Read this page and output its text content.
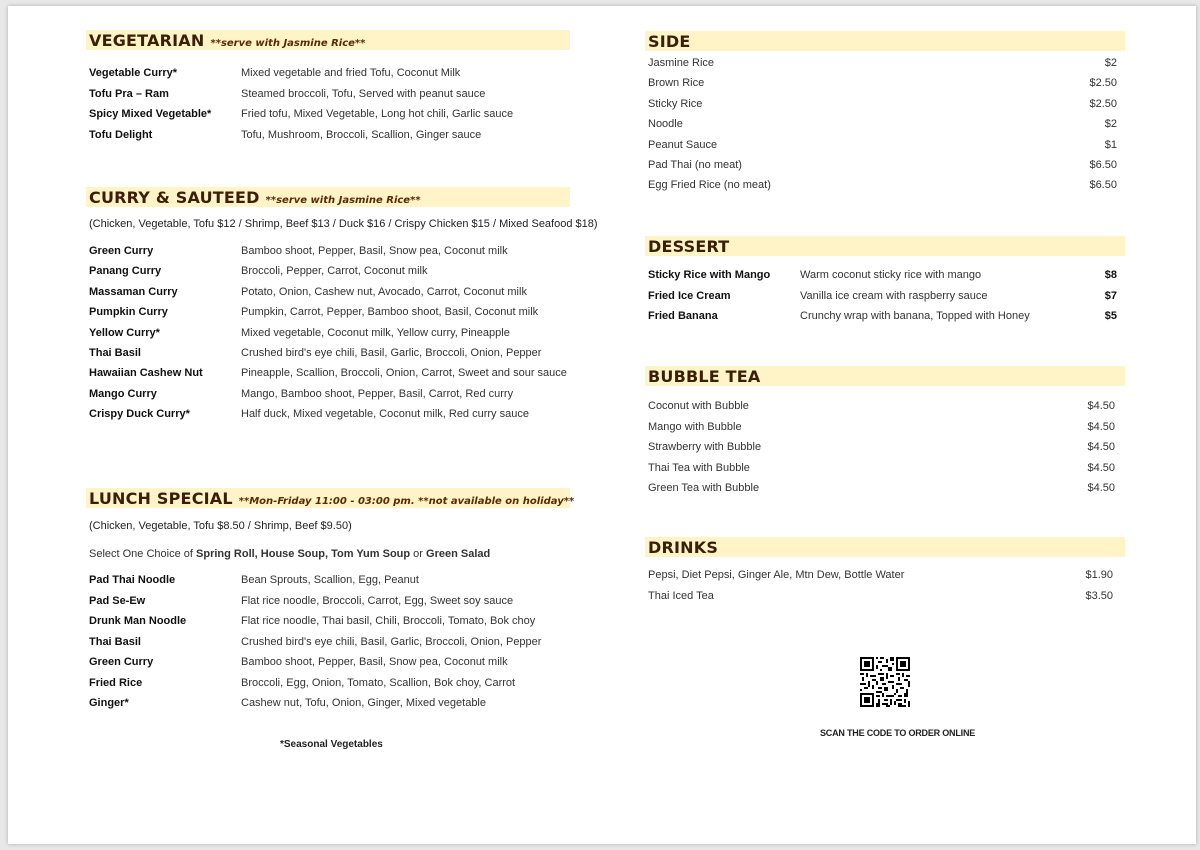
VEGETARIAN **serve with Jasmine Rice**
Vegetable Curry*	Mixed vegetable and fried Tofu, Coconut Milk
Tofu Pra – Ram	Steamed broccoli, Tofu, Served with peanut sauce
Spicy Mixed Vegetable*	Fried tofu, Mixed Vegetable, Long hot chili, Garlic sauce
Tofu Delight	Tofu, Mushroom, Broccoli, Scallion, Ginger sauce
CURRY & SAUTEED **serve with Jasmine Rice**
(Chicken, Vegetable, Tofu $12 / Shrimp, Beef $13 / Duck $16 / Crispy Chicken $15 / Mixed Seafood $18)
Green Curry	Bamboo shoot, Pepper, Basil, Snow pea, Coconut milk
Panang Curry	Broccoli, Pepper, Carrot, Coconut milk
Massaman Curry	Potato, Onion, Cashew nut, Avocado, Carrot, Coconut milk
Pumpkin Curry	Pumpkin, Carrot, Pepper, Bamboo shoot, Basil, Coconut milk
Yellow Curry*	Mixed vegetable, Coconut milk, Yellow curry, Pineapple
Thai Basil	Crushed bird's eye chili, Basil, Garlic, Broccoli, Onion, Pepper
Hawaiian Cashew Nut	Pineapple, Scallion, Broccoli, Onion, Carrot, Sweet and sour sauce
Mango Curry	Mango, Bamboo shoot, Pepper, Basil, Carrot, Red curry
Crispy Duck Curry*	Half duck, Mixed vegetable, Coconut milk, Red curry sauce
LUNCH SPECIAL **Mon-Friday 11:00 - 03:00 pm. **not available on holiday**
(Chicken, Vegetable, Tofu $8.50 / Shrimp, Beef $9.50)
Select One Choice of Spring Roll, House Soup, Tom Yum Soup or Green Salad
Pad Thai Noodle	Bean Sprouts, Scallion, Egg, Peanut
Pad Se-Ew	Flat rice noodle, Broccoli, Carrot, Egg, Sweet soy sauce
Drunk Man Noodle	Flat rice noodle, Thai basil, Chili, Broccoli, Tomato, Bok choy
Thai Basil	Crushed bird's eye chili, Basil, Garlic, Broccoli, Onion, Pepper
Green Curry	Bamboo shoot, Pepper, Basil, Snow pea, Coconut milk
Fried Rice	Broccoli, Egg, Onion, Tomato, Scallion, Bok choy, Carrot
Ginger*	Cashew nut, Tofu, Onion, Ginger, Mixed vegetable
*Seasonal Vegetables
SIDE
Jasmine Rice	$2
Brown Rice	$2.50
Sticky Rice	$2.50
Noodle	$2
Peanut Sauce	$1
Pad Thai (no meat)	$6.50
Egg Fried Rice (no meat)	$6.50
DESSERT
Sticky Rice with Mango	Warm coconut sticky rice with mango	$8
Fried Ice Cream	Vanilla ice cream with raspberry sauce	$7
Fried Banana	Crunchy wrap with banana, Topped with Honey	$5
BUBBLE TEA
Coconut with Bubble	$4.50
Mango with Bubble	$4.50
Strawberry with Bubble	$4.50
Thai Tea with Bubble	$4.50
Green Tea with Bubble	$4.50
DRINKS
Pepsi, Diet Pepsi, Ginger Ale, Mtn Dew, Bottle Water	$1.90
Thai Iced Tea	$3.50
SCAN THE CODE TO ORDER ONLINE
